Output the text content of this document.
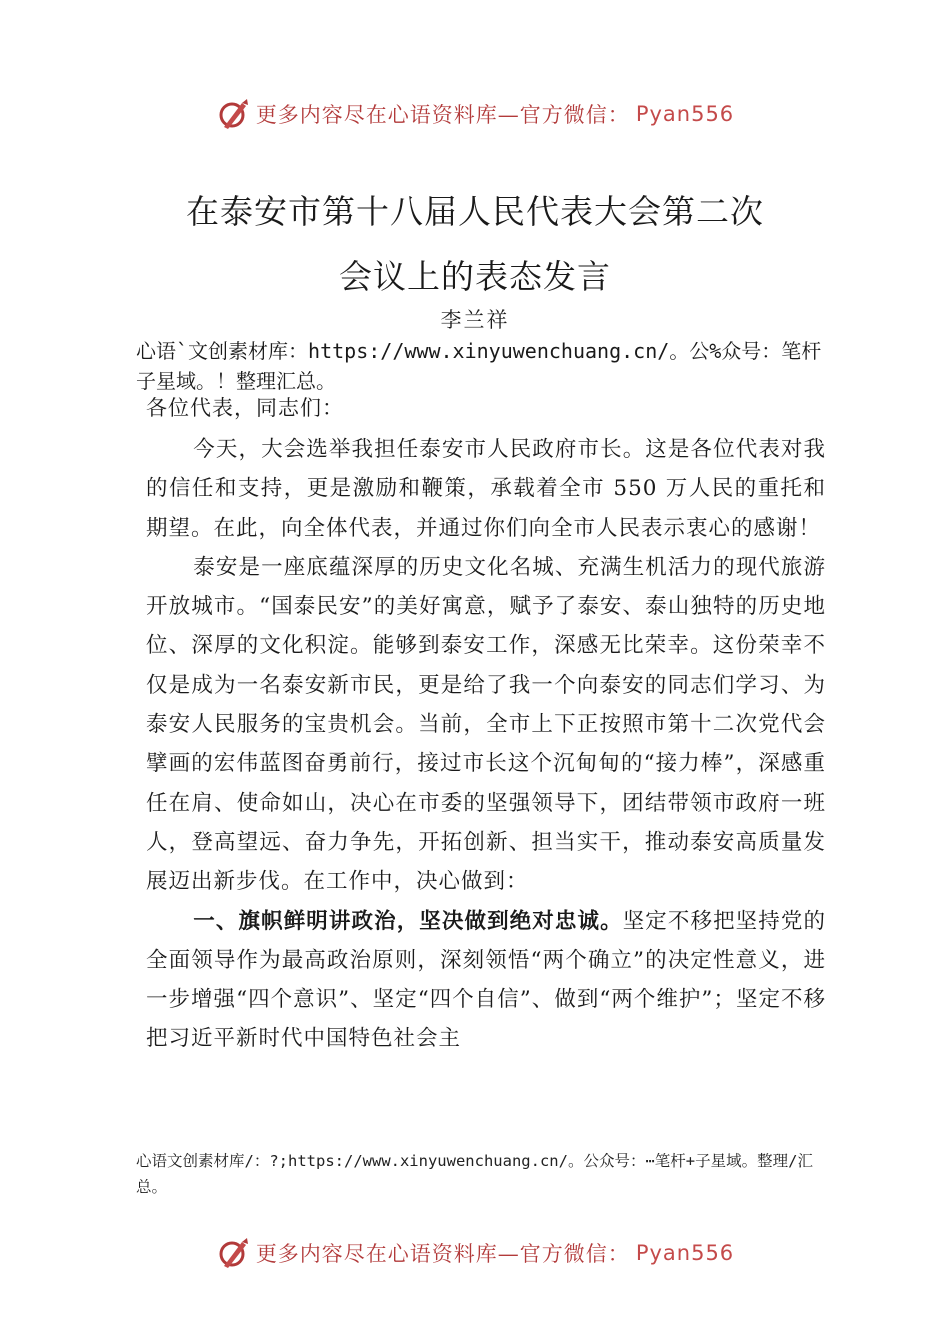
更多内容尽在心语资料库—官方微信： Pyan556
在泰安市第十八届人民代表大会第二次
会议上的表态发言
李兰祥

心语`文创素材库：https://www.xinyuwenchuang.cn/。公%众号：笔杆子星域。！整理汇总。

各位代表，同志们：

今天，大会选举我担任泰安市人民政府市长。这是各位代表对我的信任和支持，更是激励和鞭策，承载着全市 550 万人民的重托和期望。在此，向全体代表，并通过你们向全市人民表示衷心的感谢！

泰安是一座底蕴深厚的历史文化名城、充满生机活力的现代旅游开放城市。“国泰民安”的美好寓意，赋予了泰安、泰山独特的历史地位、深厚的文化积淀。能够到泰安工作，深感无比荣幸。这份荣幸不仅是成为一名泰安新市民，更是给了我一个向泰安的同志们学习、为泰安人民服务的宝贵机会。当前，全市上下正按照市第十二次党代会擘画的宏伟蓝图奋勇前行，接过市长这个沉甸甸的“接力棒”，深感重任在肩、使命如山，决心在市委的坚强领导下，团结带领市政府一班人，登高望远、奋力争先，开拓创新、担当实干，推动泰安高质量发展迈出新步伐。在工作中，决心做到：

一、旗帜鲜明讲政治，坚决做到绝对忠诚。坚定不移把坚持党的全面领导作为最高政治原则，深刻领悟“两个确立”的决定性意义，进一步增强“四个意识”、坚定“四个自信”、做到“两个维护”；坚定不移把习近平新时代中国特色社会主

心语文创素材库/：?;https://www.xinyuwenchuang.cn/。公众号：⋯笔杆+子星域。整理/汇总。

更多内容尽在心语资料库—官方微信： Pyan556
